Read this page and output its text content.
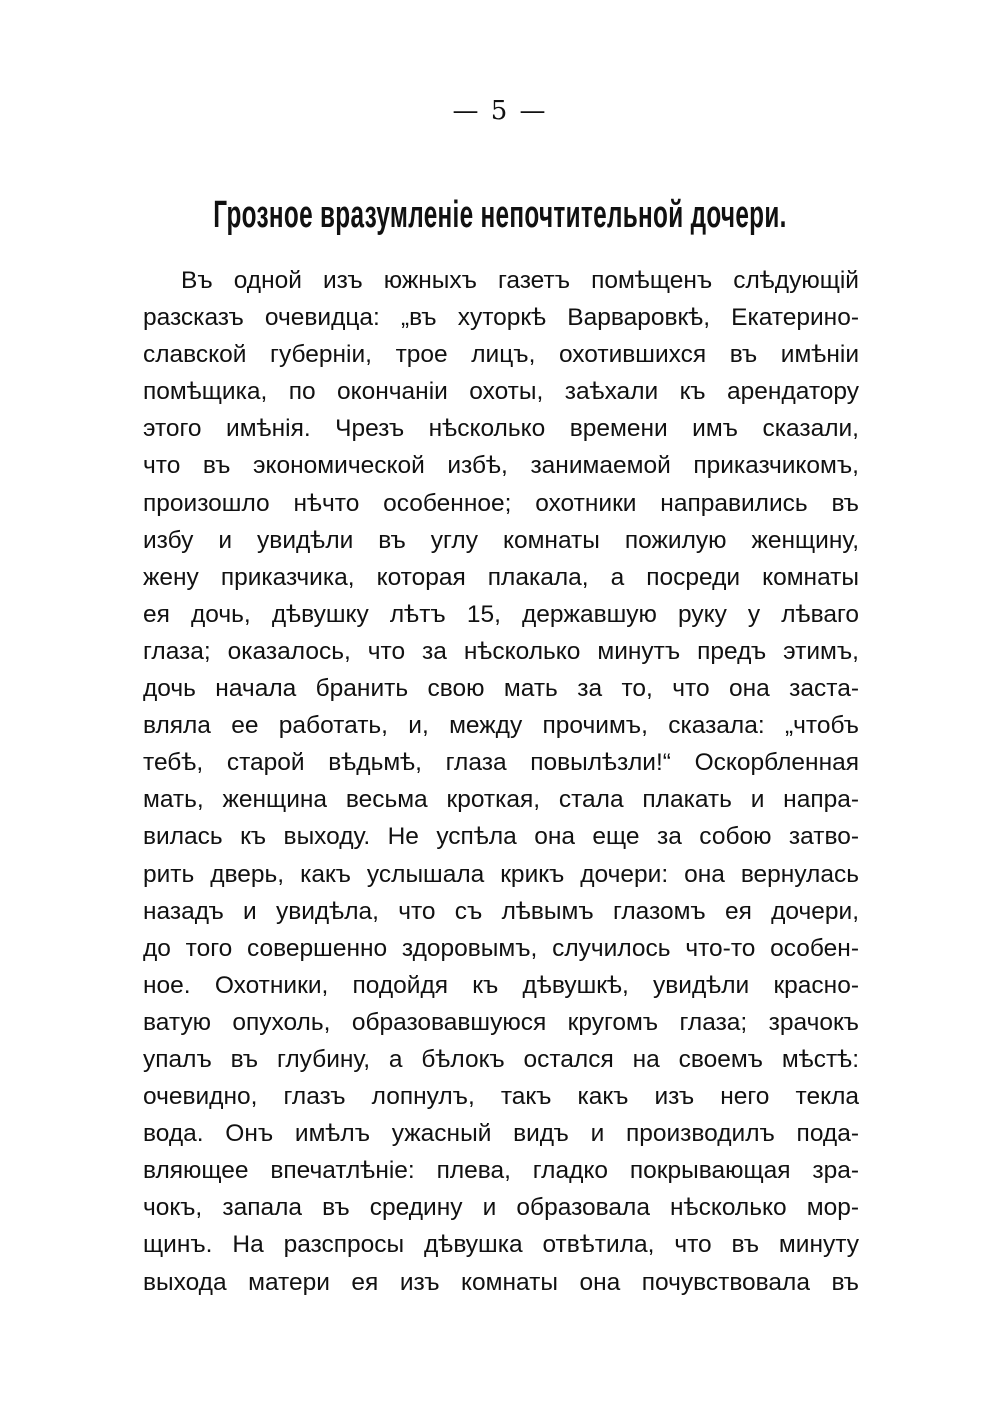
— 5 —
Грозное вразумленіе непочтительной дочери.
Въ одной изъ южныхъ газетъ помѣщенъ слѣдующій
разсказъ очевидца: „въ хуторкѣ Варваровкѣ, Екатерино-
славской губерніи, трое лицъ, охотившихся въ имѣніи
помѣщика, по окончаніи охоты, заѣхали къ арендатору
этого имѣнія. Чрезъ нѣсколько времени имъ сказали,
что въ экономической избѣ, занимаемой приказчикомъ,
произошло нѣчто особенное; охотники направились въ
избу и увидѣли въ углу комнаты пожилую женщину,
жену приказчика, которая плакала, а посреди комнаты
ея дочь, дѣвушку лѣтъ 15, державшую руку у лѣваго
глаза; оказалось, что за нѣсколько минутъ предъ этимъ,
дочь начала бранить свою мать за то, что она заста-
вляла ее работать, и, между прочимъ, сказала: „чтобъ
тебѣ, старой вѣдьмѣ, глаза повылѣзли!“ Оскорбленная
мать, женщина весьма кроткая, стала плакать и напра-
вилась къ выходу. Не успѣла она еще за собою затво-
рить дверь, какъ услышала крикъ дочери: она вернулась
назадъ и увидѣла, что съ лѣвымъ глазомъ ея дочери,
до того совершенно здоровымъ, случилось что-то особен-
ное. Охотники, подойдя къ дѣвушкѣ, увидѣли красно-
ватую опухоль, образовавшуюся кругомъ глаза; зрачокъ
упалъ въ глубину, а бѣлокъ остался на своемъ мѣстѣ:
очевидно, глазъ лопнулъ, такъ какъ изъ него текла
вода. Онъ имѣлъ ужасный видъ и производилъ пода-
вляющее впечатлѣніе: плева, гладко покрывающая зра-
чокъ, запала въ средину и образовала нѣсколько мор-
щинъ. На разспросы дѣвушка отвѣтила, что въ минуту
выхода матери ея изъ комнаты она почувствовала въ
